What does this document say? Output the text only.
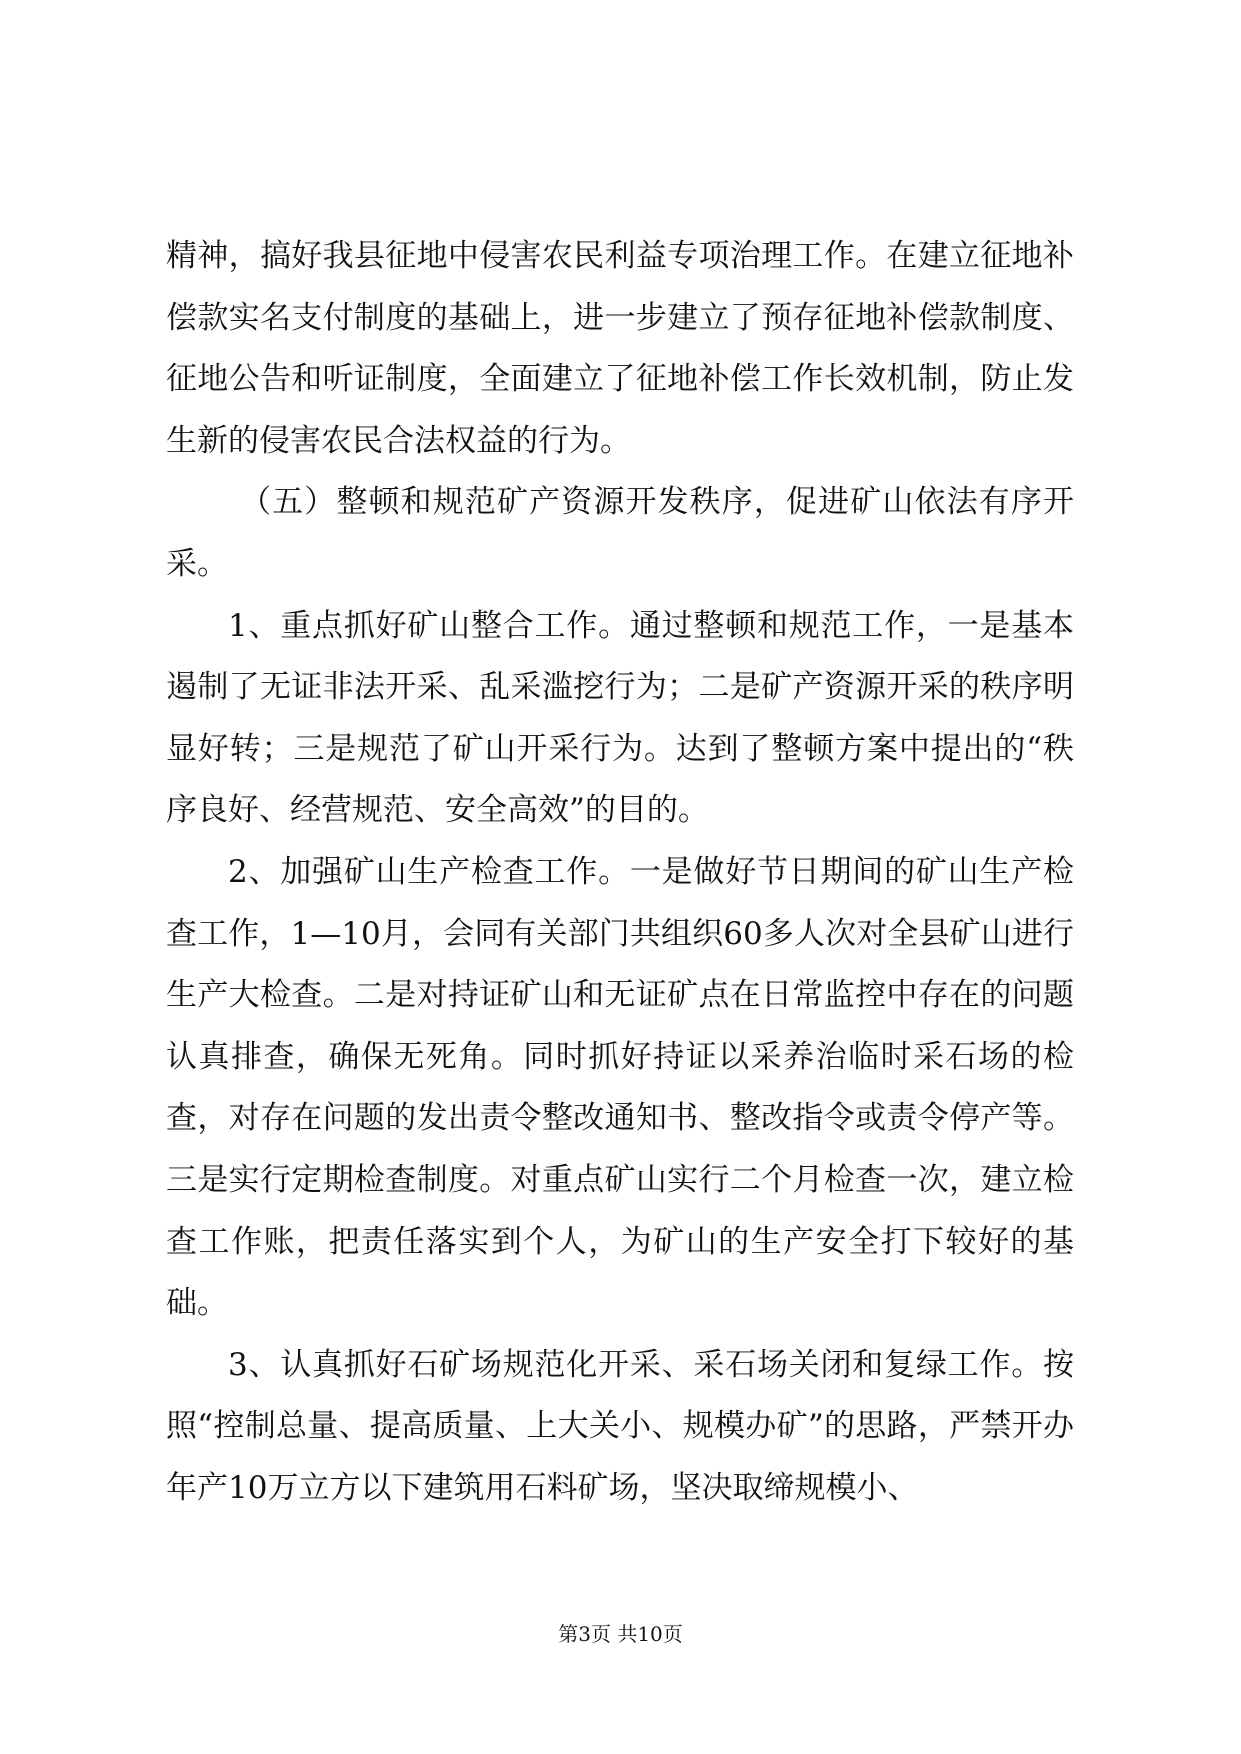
精神，搞好我县征地中侵害农民利益专项治理工作。在建立征地补偿款实名支付制度的基础上，进一步建立了预存征地补偿款制度、征地公告和听证制度，全面建立了征地补偿工作长效机制，防止发生新的侵害农民合法权益的行为。

（五）整顿和规范矿产资源开发秩序，促进矿山依法有序开采。

1、重点抓好矿山整合工作。通过整顿和规范工作，一是基本遏制了无证非法开采、乱采滥挖行为；二是矿产资源开采的秩序明显好转；三是规范了矿山开采行为。达到了整顿方案中提出的“秩序良好、经营规范、安全高效”的目的。

2、加强矿山生产检查工作。一是做好节日期间的矿山生产检查工作，1—10月，会同有关部门共组织60多人次对全县矿山进行生产大检查。二是对持证矿山和无证矿点在日常监控中存在的问题认真排查，确保无死角。同时抓好持证以采养治临时采石场的检查，对存在问题的发出责令整改通知书、整改指令或责令停产等。三是实行定期检查制度。对重点矿山实行二个月检查一次，建立检查工作账，把责任落实到个人，为矿山的生产安全打下较好的基础。

3、认真抓好石矿场规范化开采、采石场关闭和复绿工作。按照“控制总量、提高质量、上大关小、规模办矿”的思路，严禁开办年产10万立方以下建筑用石料矿场，坚决取缔规模小、

第3页 共10页
